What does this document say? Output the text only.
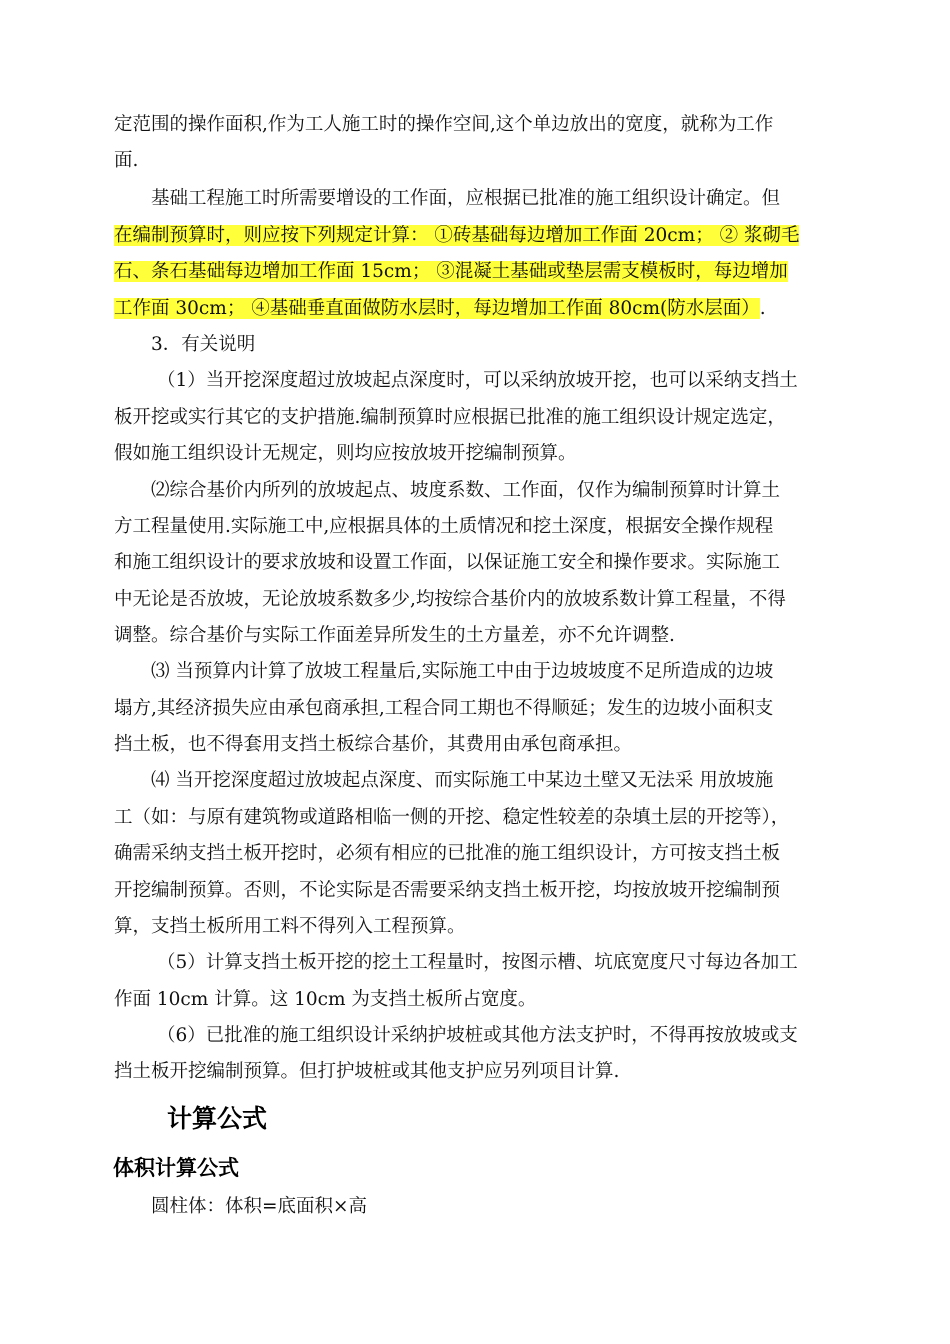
定范围的操作面积,作为工人施工时的操作空间,这个单边放出的宽度，就称为工作
面.
基础工程施工时所需要增设的工作面，应根据已批准的施工组织设计确定。但
在编制预算时，则应按下列规定计算： ①砖基础每边增加工作面 20cm； ② 浆砌毛
石、条石基础每边增加工作面 15cm； ③混凝土基础或垫层需支模板时，每边增加
工作面 30cm； ④基础垂直面做防水层时，每边增加工作面 80cm(防水层面）.
3．有关说明
（1）当开挖深度超过放坡起点深度时，可以采纳放坡开挖，也可以采纳支挡土
板开挖或实行其它的支护措施.编制预算时应根据已批准的施工组织设计规定选定，
假如施工组织设计无规定，则均应按放坡开挖编制预算。
⑵综合基价内所列的放坡起点、坡度系数、工作面，仅作为编制预算时计算土
方工程量使用.实际施工中,应根据具体的土质情况和挖土深度，根据安全操作规程
和施工组织设计的要求放坡和设置工作面，以保证施工安全和操作要求。实际施工
中无论是否放坡，无论放坡系数多少,均按综合基价内的放坡系数计算工程量，不得
调整。综合基价与实际工作面差异所发生的土方量差，亦不允许调整.
⑶ 当预算内计算了放坡工程量后,实际施工中由于边坡坡度不足所造成的边坡
塌方,其经济损失应由承包商承担,工程合同工期也不得顺延；发生的边坡小面积支
挡土板，也不得套用支挡土板综合基价，其费用由承包商承担。
⑷ 当开挖深度超过放坡起点深度、而实际施工中某边土壁又无法采 用放坡施
工（如：与原有建筑物或道路相临一侧的开挖、稳定性较差的杂填土层的开挖等），
确需采纳支挡土板开挖时，必须有相应的已批准的施工组织设计，方可按支挡土板
开挖编制预算。否则，不论实际是否需要采纳支挡土板开挖，均按放坡开挖编制预
算，支挡土板所用工料不得列入工程预算。
（5）计算支挡土板开挖的挖土工程量时，按图示槽、坑底宽度尺寸每边各加工
作面 10cm 计算。这 10cm 为支挡土板所占宽度。
（6）已批准的施工组织设计采纳护坡桩或其他方法支护时，不得再按放坡或支
挡土板开挖编制预算。但打护坡桩或其他支护应另列项目计算.
计算公式
体积计算公式
圆柱体：体积=底面积×高
